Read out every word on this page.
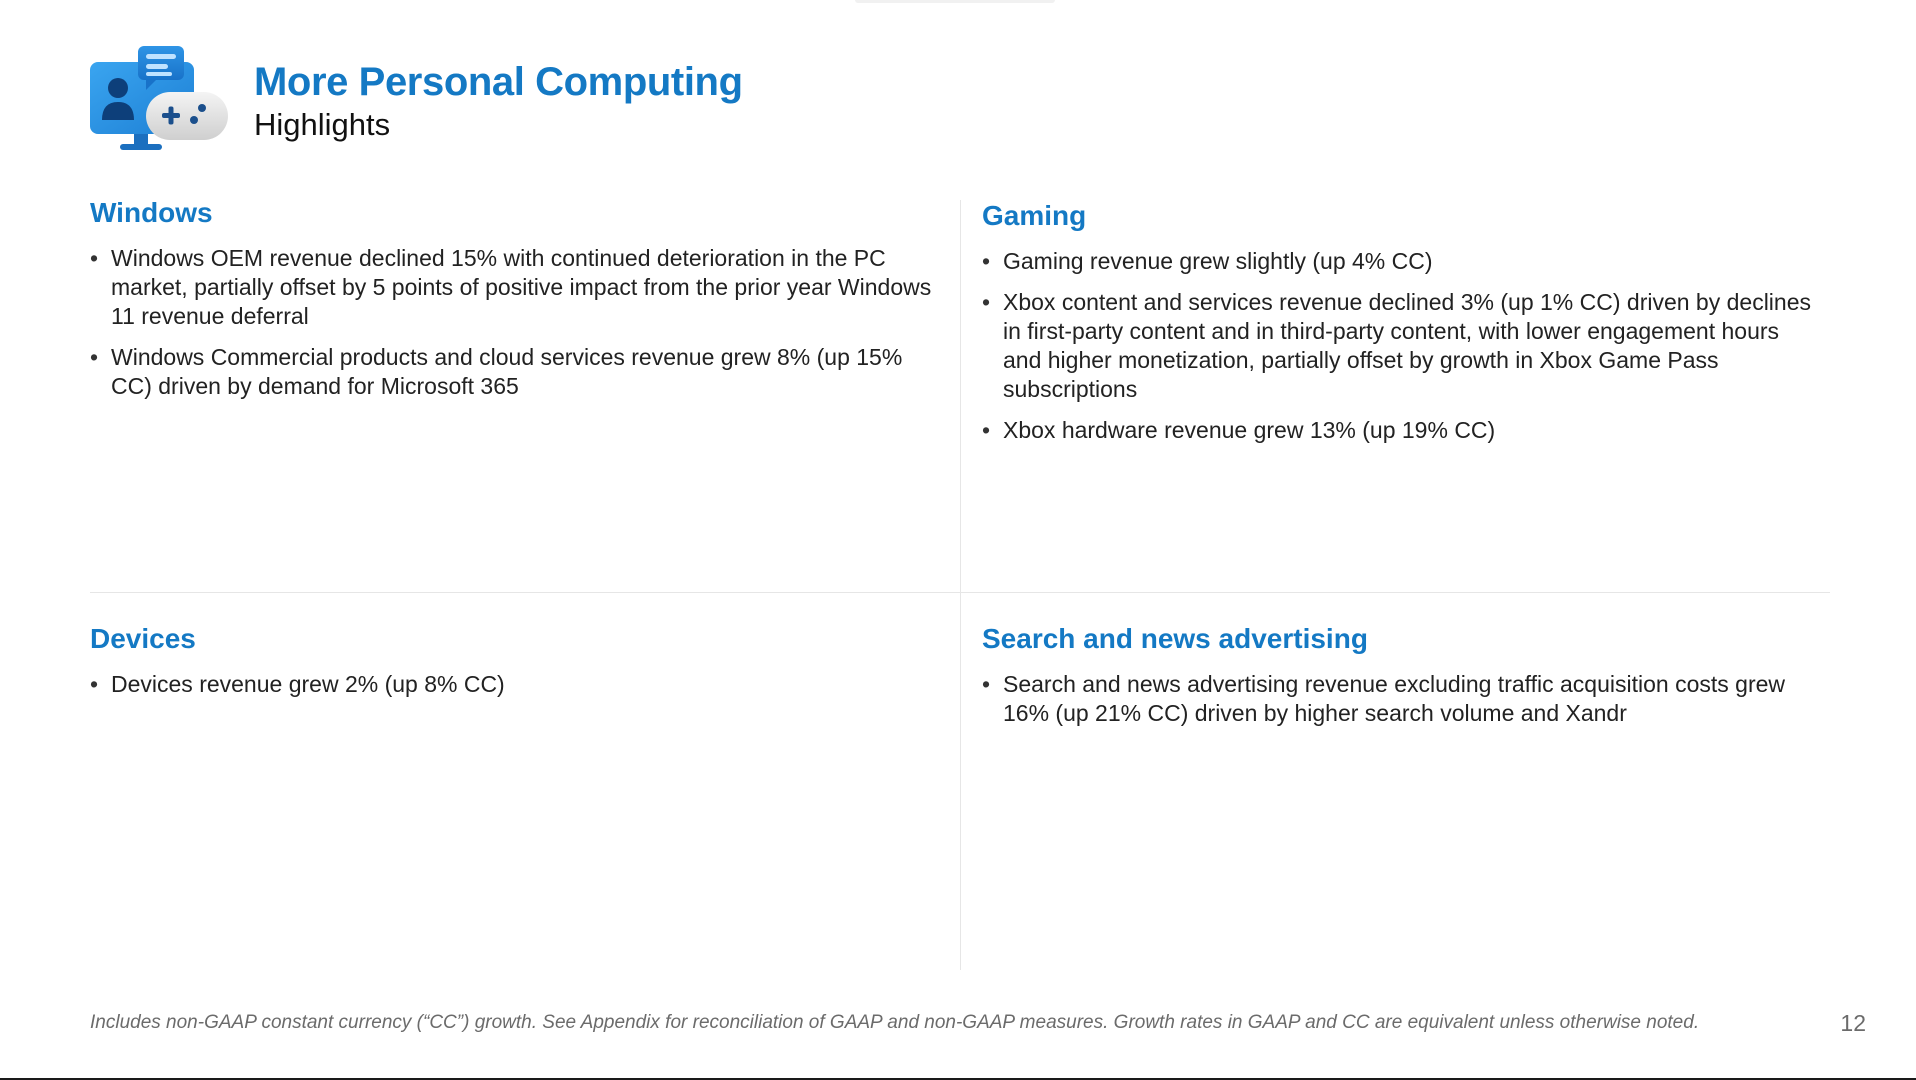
More Personal Computing
Highlights
Windows
• Windows OEM revenue declined 15% with continued deterioration in the PC market, partially offset by 5 points of positive impact from the prior year Windows 11 revenue deferral
• Windows Commercial products and cloud services revenue grew 8% (up 15% CC) driven by demand for Microsoft 365
Gaming
• Gaming revenue grew slightly (up 4% CC)
• Xbox content and services revenue declined 3% (up 1% CC) driven by declines in first-party content and in third-party content, with lower engagement hours and higher monetization, partially offset by growth in Xbox Game Pass subscriptions
• Xbox hardware revenue grew 13% (up 19% CC)
Devices
• Devices revenue grew 2% (up 8% CC)
Search and news advertising
• Search and news advertising revenue excluding traffic acquisition costs grew 16% (up 21% CC) driven by higher search volume and Xandr
Includes non-GAAP constant currency (“CC”) growth. See Appendix for reconciliation of GAAP and non-GAAP measures. Growth rates in GAAP and CC are equivalent unless otherwise noted.	12
